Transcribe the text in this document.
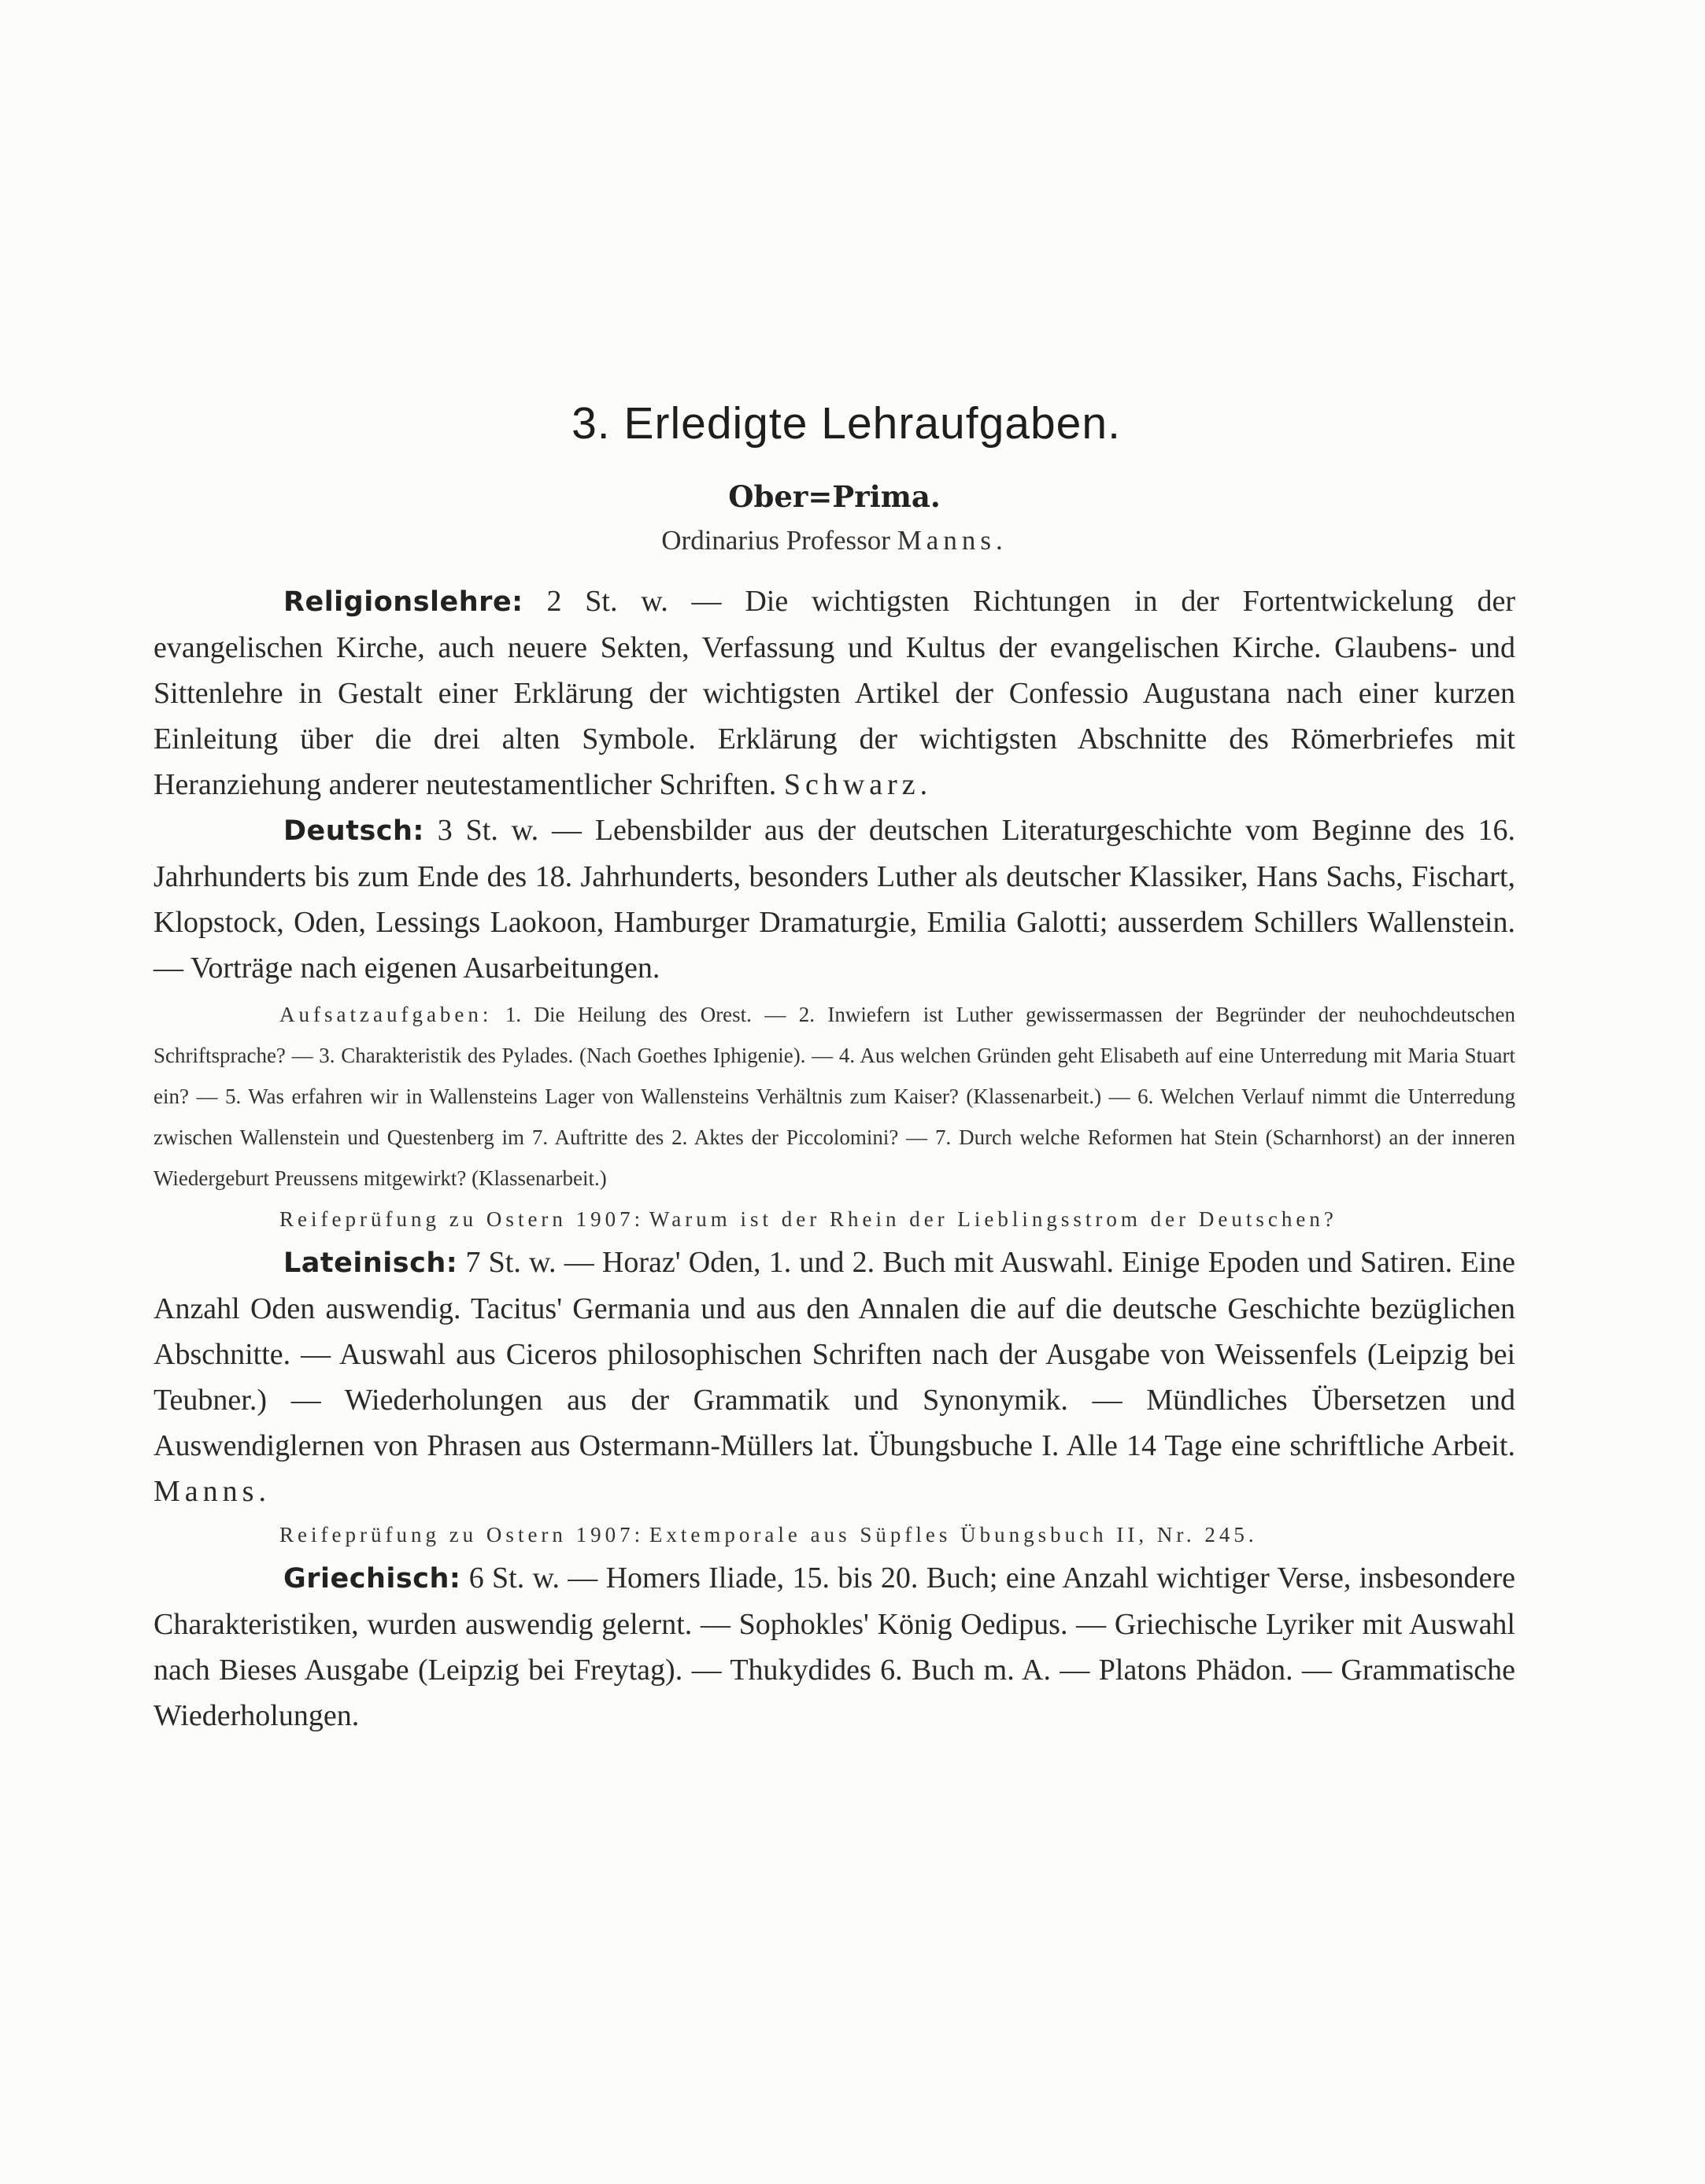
3. Erledigte Lehraufgaben.
Ober=Prima.
Ordinarius Professor Manns.

Religionslehre: 2 St. w. — Die wichtigsten Richtungen in der Fortentwickelung der evangelischen Kirche, auch neuere Sekten, Verfassung und Kultus der evangelischen Kirche. Glaubens- und Sittenlehre in Gestalt einer Erklärung der wichtigsten Artikel der Confessio Augustana nach einer kurzen Einleitung über die drei alten Symbole. Erklärung der wichtigsten Abschnitte des Römerbriefes mit Heranziehung anderer neutestamentlicher Schriften. Schwarz.

Deutsch: 3 St. w. — Lebensbilder aus der deutschen Literaturgeschichte vom Beginne des 16. Jahrhunderts bis zum Ende des 18. Jahrhunderts, besonders Luther als deutscher Klassiker, Hans Sachs, Fischart, Klopstock, Oden, Lessings Laokoon, Hamburger Dramaturgie, Emilia Galotti; ausserdem Schillers Wallenstein. — Vorträge nach eigenen Ausarbeitungen.

Aufsatzaufgaben: 1. Die Heilung des Orest. — 2. Inwiefern ist Luther gewissermassen der Begründer der neuhochdeutschen Schriftsprache? — 3. Charakteristik des Pylades. (Nach Goethes Iphigenie). — 4. Aus welchen Gründen geht Elisabeth auf eine Unterredung mit Maria Stuart ein? — 5. Was erfahren wir in Wallensteins Lager von Wallensteins Verhältnis zum Kaiser? (Klassenarbeit.) — 6. Welchen Verlauf nimmt die Unterredung zwischen Wallenstein und Questenberg im 7. Auftritte des 2. Aktes der Piccolomini? — 7. Durch welche Reformen hat Stein (Scharnhorst) an der inneren Wiedergeburt Preussens mitgewirkt? (Klassenarbeit.)

Reifeprüfung zu Ostern 1907: Warum ist der Rhein der Lieblingsstrom der Deutschen?

Lateinisch: 7 St. w. — Horaz' Oden, 1. und 2. Buch mit Auswahl. Einige Epoden und Satiren. Eine Anzahl Oden auswendig. Tacitus' Germania und aus den Annalen die auf die deutsche Geschichte bezüglichen Abschnitte. — Auswahl aus Ciceros philosophischen Schriften nach der Ausgabe von Weissenfels (Leipzig bei Teubner.) — Wiederholungen aus der Grammatik und Synonymik. — Mündliches Übersetzen und Auswendiglernen von Phrasen aus Ostermann-Müllers lat. Übungsbuche I. Alle 14 Tage eine schriftliche Arbeit. Manns.

Reifeprüfung zu Ostern 1907: Extemporale aus Süpfles Übungsbuch II, Nr. 245.

Griechisch: 6 St. w. — Homers Iliade, 15. bis 20. Buch; eine Anzahl wichtiger Verse, insbesondere Charakteristiken, wurden auswendig gelernt. — Sophokles' König Oedipus. — Griechische Lyriker mit Auswahl nach Bieses Ausgabe (Leipzig bei Freytag). — Thukydides 6. Buch m. A. — Platons Phädon. — Grammatische Wiederholungen.
